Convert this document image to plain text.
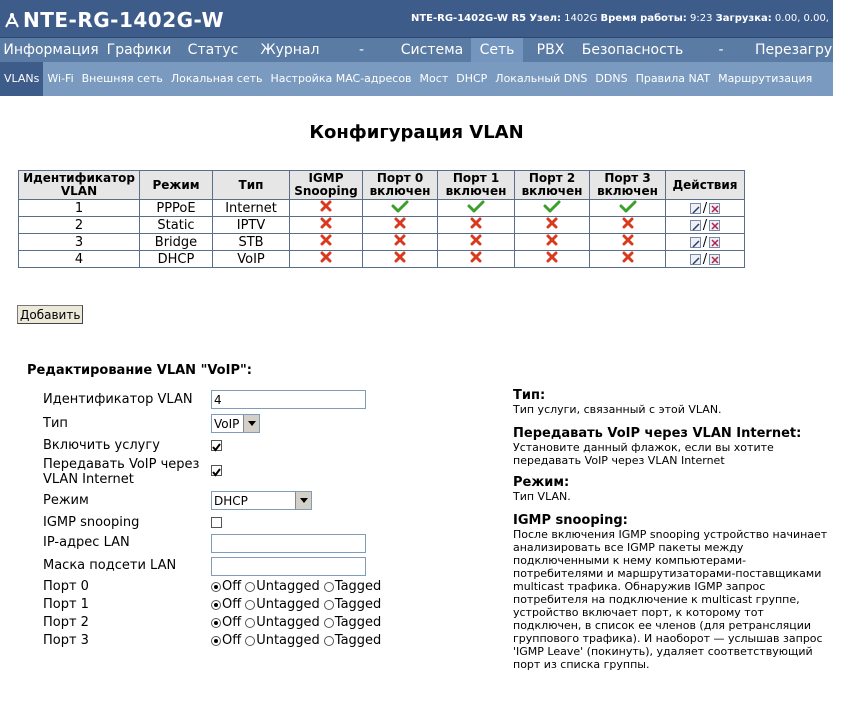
NTE-RG-1402G-W	NTE-RG-1402G-W R5 Узел: 1402G Время работы: 9:23 Загрузка: 0.00, 0.00,
Информация Графики	Статус	Журнал	-	Система	Сеть	PBX	Безопасность	-	Перезагрузка
VLANs Wi-Fi Внешняя сеть Локальная сеть Настройка MAC-адресов Мост DHCP Локальный DNS DDNS Правила NAT Маршрутизация
Конфигурация VLAN
Идентификатор VLAN	Режим	Тип	IGMP Snooping	Порт 0 включен	Порт 1 включен	Порт 2 включен	Порт 3 включен	Действия
1	PPPoE	Internet						/

2	Static	IPTV						/

3	Bridge	STB						/

4	DHCP	VoIP						/
Добавить
Редактирование VLAN "VoIP":
Идентификатор VLAN
4
Тип	VoIP
Включить услугу
Передавать VoIP через
VLAN Internet
Режим	DHCP
IGMP snooping
IP-адрес LAN
Маска подсети LAN
Порт 0	Off Untagged Tagged
Порт 1	Off Untagged Tagged
Порт 2	Off Untagged Tagged
Порт 3	Off Untagged Tagged
Тип:

Тип услуги, связанный с этой VLAN.

Передавать VoIP через VLAN Internet:

Установите данный флажок, если вы хотите передавать VoIP через VLAN Internet

Режим:

Тип VLAN.

IGMP snooping:

После включения IGMP snooping устройство начинает анализировать все IGMP пакеты между подключенными к нему компьютерами-потребителями и маршрутизаторами-поставщиками multicast трафика. Обнаружив IGMP запрос потребителя на подключение к multicast группе, устройство включает порт, к которому тот подключен, в список ее членов (для ретрансляции группового трафика). И наоборот — услышав запрос 'IGMP Leave' (покинуть), удаляет соответствующий порт из списка группы.
